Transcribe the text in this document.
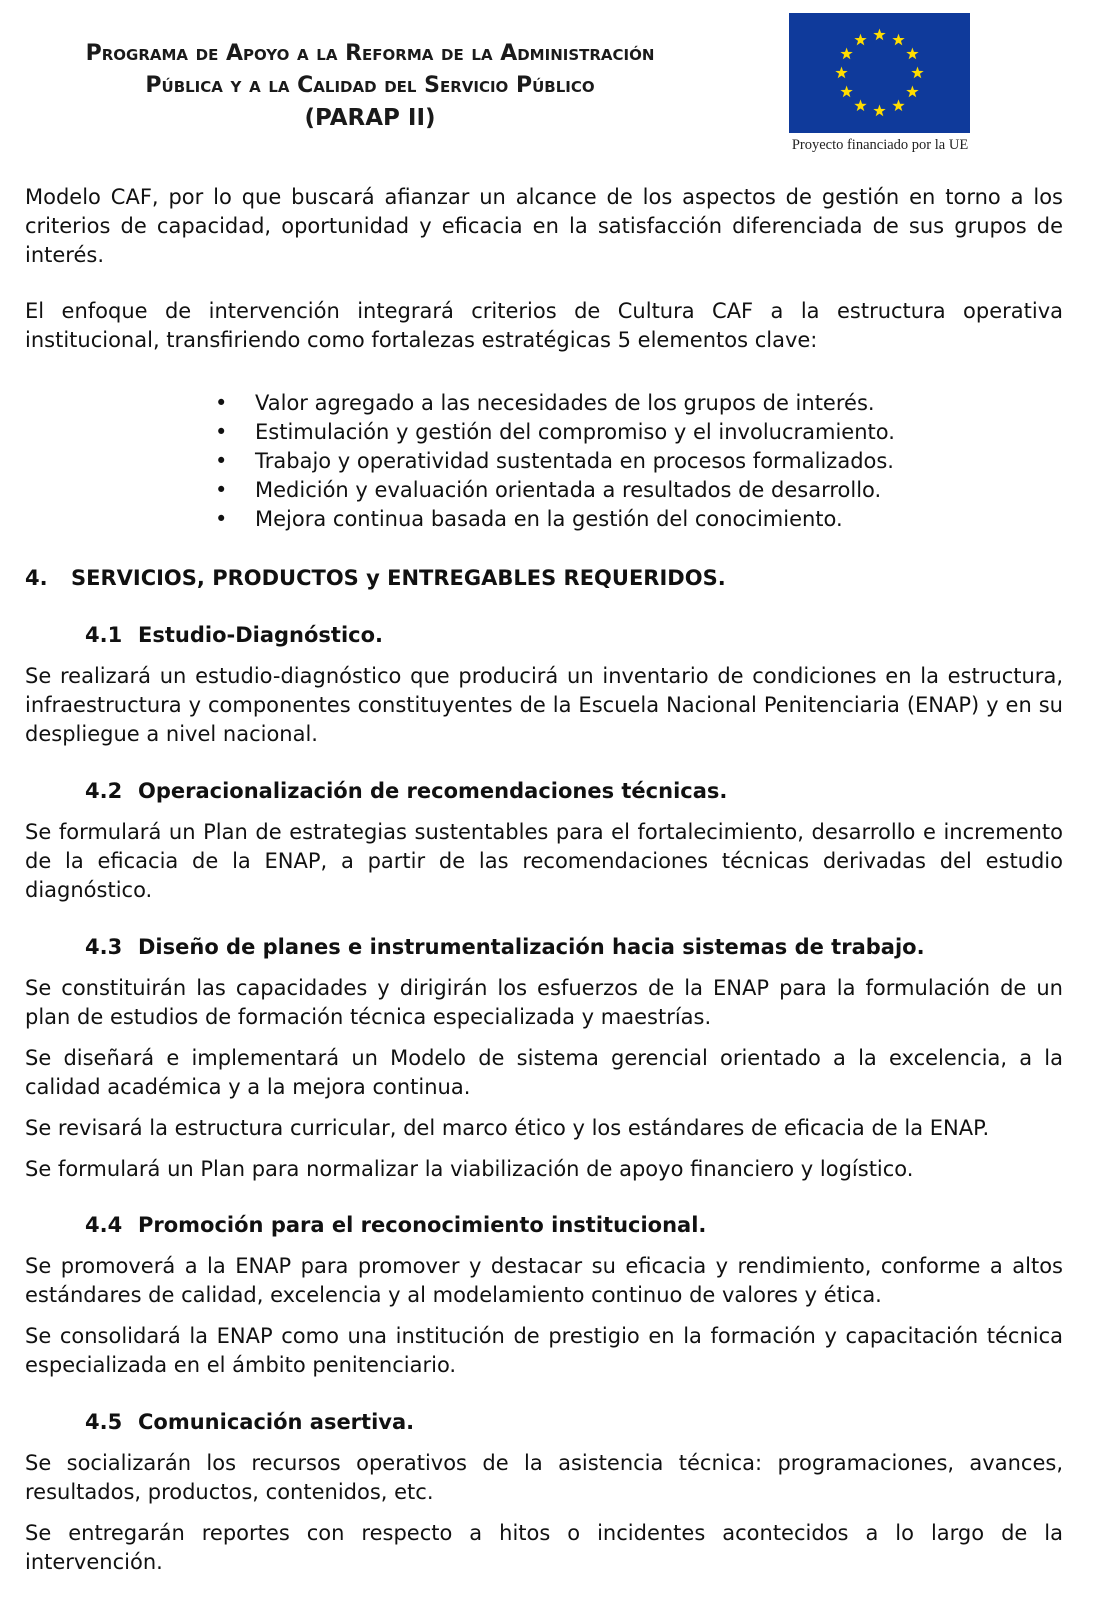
Programa de Apoyo a la Reforma de la Administración
Pública y a la Calidad del Servicio Público
(PARAP II)
Proyecto financiado por la UE

Modelo CAF, por lo que buscará afianzar un alcance de los aspectos de gestión en torno a los criterios de capacidad, oportunidad y eficacia en la satisfacción diferenciada de sus grupos de interés.

El enfoque de intervención integrará criterios de Cultura CAF a la estructura operativa institucional, transfiriendo como fortalezas estratégicas 5 elementos clave:

• Valor agregado a las necesidades de los grupos de interés.
• Estimulación y gestión del compromiso y el involucramiento.
• Trabajo y operatividad sustentada en procesos formalizados.
• Medición y evaluación orientada a resultados de desarrollo.
• Mejora continua basada en la gestión del conocimiento.
4. SERVICIOS, PRODUCTOS y ENTREGABLES REQUERIDOS.
4.1 Estudio-Diagnóstico.

Se realizará un estudio-diagnóstico que producirá un inventario de condiciones en la estructura, infraestructura y componentes constituyentes de la Escuela Nacional Penitenciaria (ENAP) y en su despliegue a nivel nacional.

4.2 Operacionalización de recomendaciones técnicas.

Se formulará un Plan de estrategias sustentables para el fortalecimiento, desarrollo e incremento de la eficacia de la ENAP, a partir de las recomendaciones técnicas derivadas del estudio diagnóstico.

4.3 Diseño de planes e instrumentalización hacia sistemas de trabajo.

Se constituirán las capacidades y dirigirán los esfuerzos de la ENAP para la formulación de un plan de estudios de formación técnica especializada y maestrías.

Se diseñará e implementará un Modelo de sistema gerencial orientado a la excelencia, a la calidad académica y a la mejora continua.

Se revisará la estructura curricular, del marco ético y los estándares de eficacia de la ENAP.

Se formulará un Plan para normalizar la viabilización de apoyo financiero y logístico.

4.4 Promoción para el reconocimiento institucional.

Se promoverá a la ENAP para promover y destacar su eficacia y rendimiento, conforme a altos estándares de calidad, excelencia y al modelamiento continuo de valores y ética.

Se consolidará la ENAP como una institución de prestigio en la formación y capacitación técnica especializada en el ámbito penitenciario.

4.5 Comunicación asertiva.

Se socializarán los recursos operativos de la asistencia técnica: programaciones, avances, resultados, productos, contenidos, etc.

Se entregarán reportes con respecto a hitos o incidentes acontecidos a lo largo de la intervención.
